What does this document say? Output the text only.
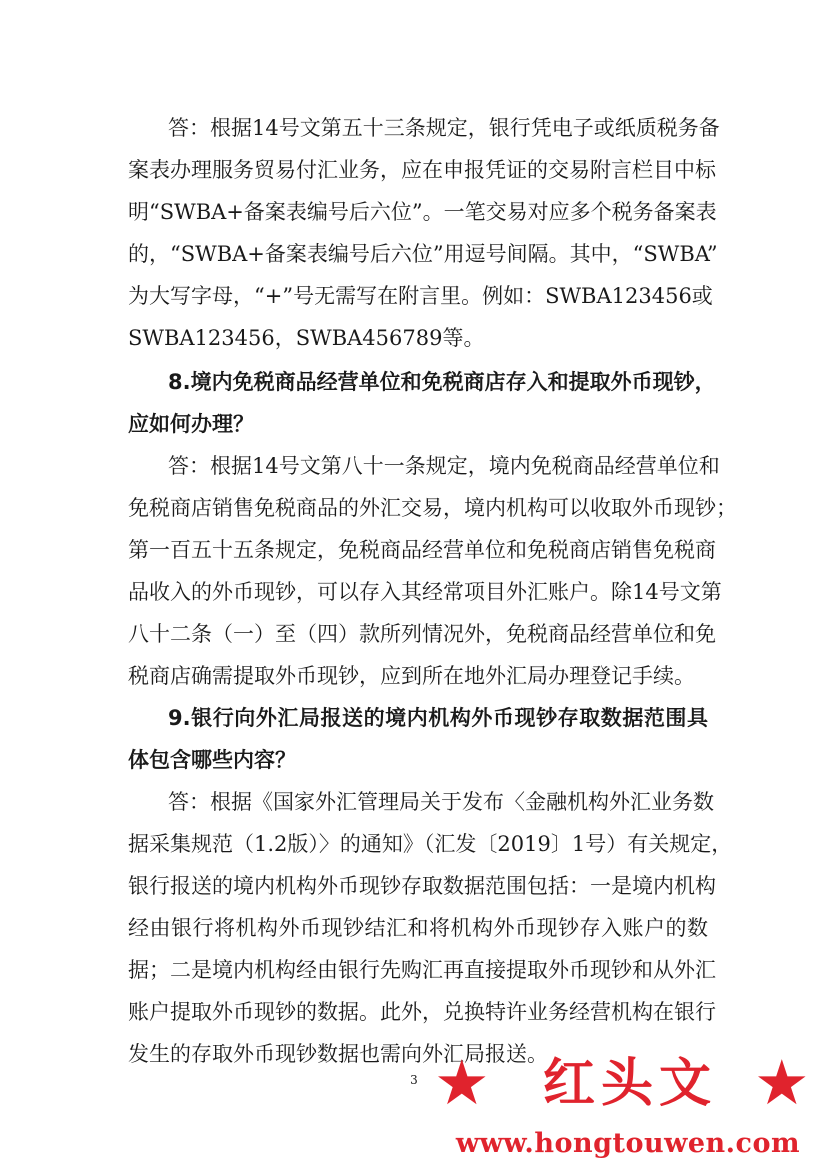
答：根据14号文第五十三条规定，银行凭电子或纸质税务备
案表办理服务贸易付汇业务，应在申报凭证的交易附言栏目中标
明“SWBA+备案表编号后六位”。一笔交易对应多个税务备案表
的，“SWBA+备案表编号后六位”用逗号间隔。其中，“SWBA”
为大写字母，“+”号无需写在附言里。例如：SWBA123456或
SWBA123456，SWBA456789等。
8.境内免税商品经营单位和免税商店存入和提取外币现钞，
应如何办理？
答：根据14号文第八十一条规定，境内免税商品经营单位和
免税商店销售免税商品的外汇交易，境内机构可以收取外币现钞；
第一百五十五条规定，免税商品经营单位和免税商店销售免税商
品收入的外币现钞，可以存入其经常项目外汇账户。除14号文第
八十二条（一）至（四）款所列情况外，免税商品经营单位和免
税商店确需提取外币现钞，应到所在地外汇局办理登记手续。
9.银行向外汇局报送的境内机构外币现钞存取数据范围具
体包含哪些内容？
答：根据《国家外汇管理局关于发布〈金融机构外汇业务数
据采集规范（1.2版）〉的通知》（汇发〔2019〕1号）有关规定，
银行报送的境内机构外币现钞存取数据范围包括：一是境内机构
经由银行将机构外币现钞结汇和将机构外币现钞存入账户的数
据；二是境内机构经由银行先购汇再直接提取外币现钞和从外汇
账户提取外币现钞的数据。此外，兑换特许业务经营机构在银行
发生的存取外币现钞数据也需向外汇局报送。
3 ★	红头文 ★
www.hongtouwen.com
